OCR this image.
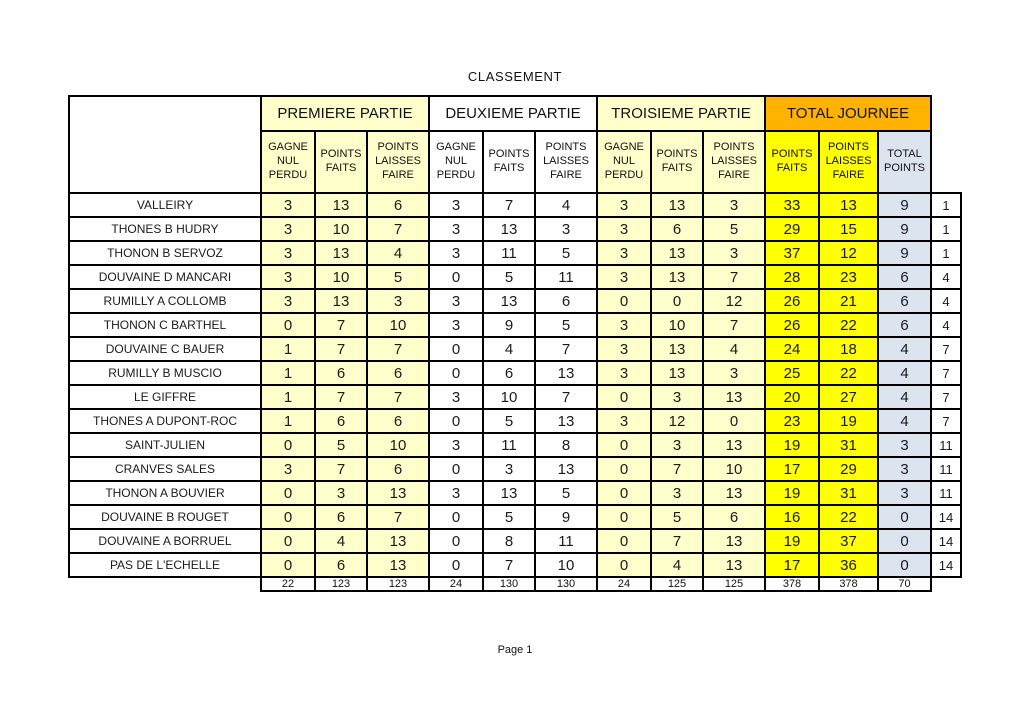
CLASSEMENT
	PREMIERE PARTIE			DEUXIEME PARTIE			TROISIEME PARTIE			TOTAL JOURNEE			
	GAGNE NUL PERDU	POINTS FAITS	POINTS LAISSES FAIRE	GAGNE NUL PERDU	POINTS FAITS	POINTS LAISSES FAIRE	GAGNE NUL PERDU	POINTS FAITS	POINTS LAISSES FAIRE	POINTS FAITS	POINTS LAISSES FAIRE	TOTAL POINTS	
VALLEIRY	3	13	6	3	7	4	3	13	3	33	13	9	1
THONES B HUDRY	3	10	7	3	13	3	3	6	5	29	15	9	1
THONON B SERVOZ	3	13	4	3	11	5	3	13	3	37	12	9	1
DOUVAINE D MANCARI	3	10	5	0	5	11	3	13	7	28	23	6	4
RUMILLY A COLLOMB	3	13	3	3	13	6	0	0	12	26	21	6	4
THONON C BARTHEL	0	7	10	3	9	5	3	10	7	26	22	6	4
DOUVAINE C BAUER	1	7	7	0	4	7	3	13	4	24	18	4	7
RUMILLY B MUSCIO	1	6	6	0	6	13	3	13	3	25	22	4	7
LE GIFFRE	1	7	7	3	10	7	0	3	13	20	27	4	7
THONES A DUPONT-ROC	1	6	6	0	5	13	3	12	0	23	19	4	7
SAINT-JULIEN	0	5	10	3	11	8	0	3	13	19	31	3	11
CRANVES SALES	3	7	6	0	3	13	0	7	10	17	29	3	11
THONON A BOUVIER	0	3	13	3	13	5	0	3	13	19	31	3	11
DOUVAINE B ROUGET	0	6	7	0	5	9	0	5	6	16	22	0	14
DOUVAINE A BORRUEL	0	4	13	0	8	11	0	7	13	19	37	0	14
PAS DE L'ECHELLE	0	6	13	0	7	10	0	4	13	17	36	0	14
	22	123	123	24	130	130	24	125	125	378	378	70	
Page 1
